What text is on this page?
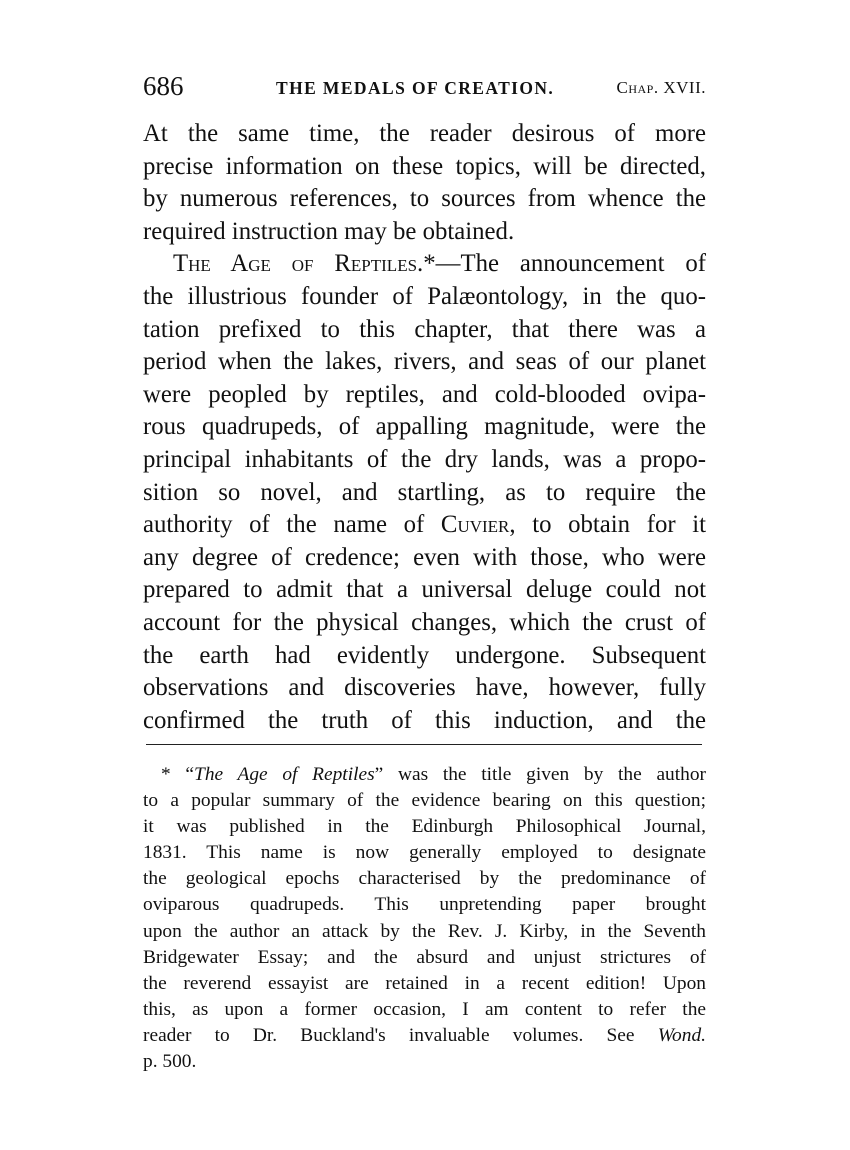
686	THE MEDALS OF CREATION.	Chap. XVII.
At the same time, the reader desirous of more
precise information on these topics, will be directed,
by numerous references, to sources from whence the
required instruction may be obtained.
The Age of Reptiles.*—The announcement of
the illustrious founder of Palæontology, in the quo-
tation prefixed to this chapter, that there was a
period when the lakes, rivers, and seas of our planet
were peopled by reptiles, and cold-blooded ovipa-
rous quadrupeds, of appalling magnitude, were the
principal inhabitants of the dry lands, was a propo-
sition so novel, and startling, as to require the
authority of the name of Cuvier, to obtain for it
any degree of credence; even with those, who were
prepared to admit that a universal deluge could not
account for the physical changes, which the crust of
the earth had evidently undergone. Subsequent
observations and discoveries have, however, fully
confirmed the truth of this induction, and the
* “The Age of Reptiles” was the title given by the author
to a popular summary of the evidence bearing on this question;
it was published in the Edinburgh Philosophical Journal,
1831. This name is now generally employed to designate
the geological epochs characterised by the predominance of
oviparous quadrupeds. This unpretending paper brought
upon the author an attack by the Rev. J. Kirby, in the Seventh
Bridgewater Essay; and the absurd and unjust strictures of
the reverend essayist are retained in a recent edition! Upon
this, as upon a former occasion, I am content to refer the
reader to Dr. Buckland's invaluable volumes. See Wond.
p. 500.
